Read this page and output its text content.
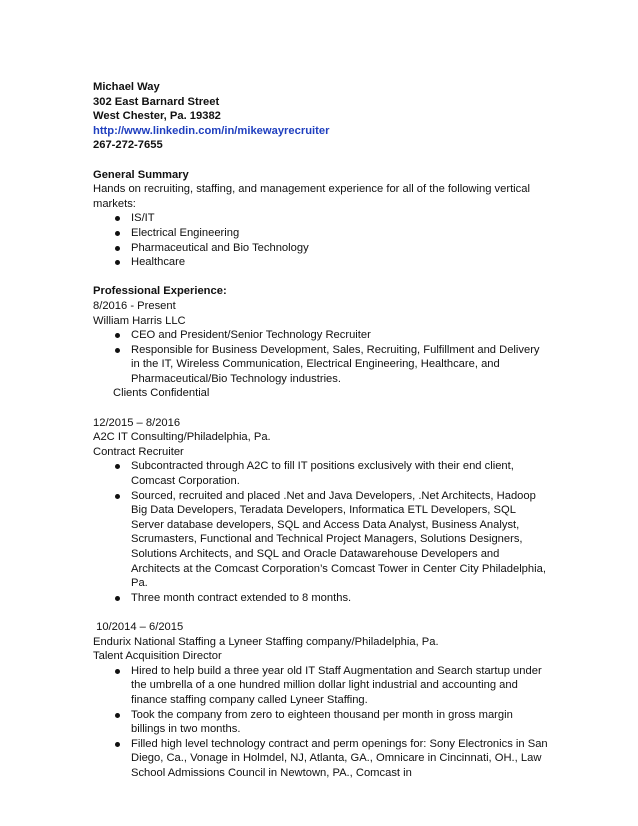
Michael Way
302 East Barnard Street
West Chester, Pa. 19382
http://www.linkedin.com/in/mikewayrecruiter
267-272-7655
General Summary
Hands on recruiting, staffing, and management experience for all of the following vertical markets:
IS/IT
Electrical Engineering
Pharmaceutical and Bio Technology
Healthcare
Professional Experience:
8/2016 - Present
William Harris LLC
CEO and President/Senior Technology Recruiter
Responsible for Business Development, Sales, Recruiting, Fulfillment and Delivery in the IT, Wireless Communication, Electrical Engineering, Healthcare, and Pharmaceutical/Bio Technology industries.
Clients Confidential
12/2015 – 8/2016
A2C IT Consulting/Philadelphia, Pa.
Contract Recruiter
Subcontracted through A2C to fill IT positions exclusively with their end client, Comcast Corporation.
Sourced, recruited and placed .Net and Java Developers, .Net Architects, Hadoop Big Data Developers, Teradata Developers, Informatica ETL Developers, SQL Server database developers, SQL and Access Data Analyst, Business Analyst, Scrumasters, Functional and Technical Project Managers, Solutions Designers, Solutions Architects, and SQL and Oracle Datawarehouse Developers and Architects at the Comcast Corporation’s Comcast Tower in Center City Philadelphia, Pa.
Three month contract extended to 8 months.
10/2014 – 6/2015
Endurix National Staffing a Lyneer Staffing company/Philadelphia, Pa.
Talent Acquisition Director
Hired to help build a three year old IT Staff Augmentation and Search startup under the umbrella of a one hundred million dollar light industrial and accounting and finance staffing company called Lyneer Staffing.
Took the company from zero to eighteen thousand per month in gross margin billings in two months.
Filled high level technology contract and perm openings for: Sony Electronics in San Diego, Ca., Vonage in Holmdel, NJ, Atlanta, GA., Omnicare in Cincinnati, OH., Law School Admissions Council in Newtown, PA., Comcast in
